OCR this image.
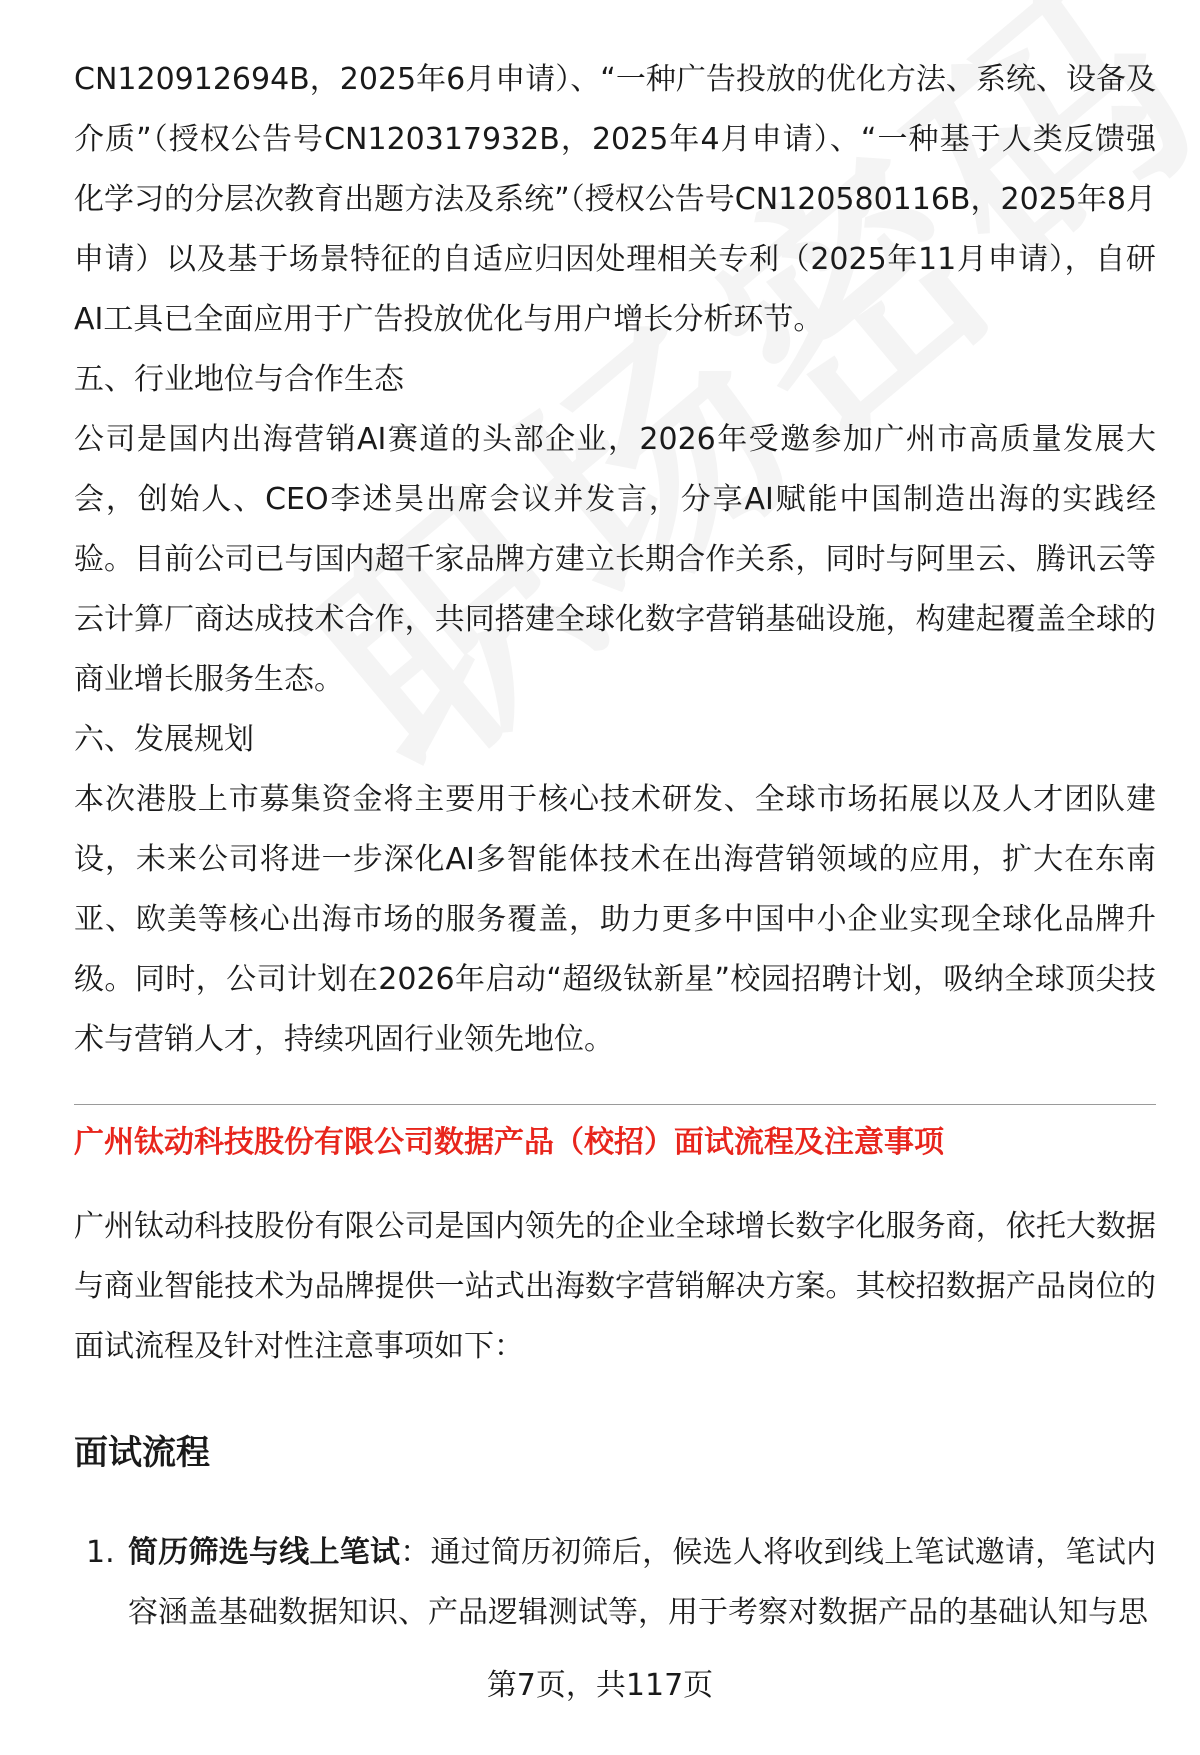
CN120912694B，2025年6月申请）、“一种广告投放的优化方法、系统、设备及介质”（授权公告号CN120317932B，2025年4月申请）、“一种基于人类反馈强化学习的分层次教育出题方法及系统”（授权公告号CN120580116B，2025年8月申请）以及基于场景特征的自适应归因处理相关专利（2025年11月申请），自研AI工具已全面应用于广告投放优化与用户增长分析环节。

五、行业地位与合作生态

公司是国内出海营销AI赛道的头部企业，2026年受邀参加广州市高质量发展大会，创始人、CEO李述昊出席会议并发言，分享AI赋能中国制造出海的实践经验。目前公司已与国内超千家品牌方建立长期合作关系，同时与阿里云、腾讯云等云计算厂商达成技术合作，共同搭建全球化数字营销基础设施，构建起覆盖全球的商业增长服务生态。

六、发展规划

本次港股上市募集资金将主要用于核心技术研发、全球市场拓展以及人才团队建设，未来公司将进一步深化AI多智能体技术在出海营销领域的应用，扩大在东南亚、欧美等核心出海市场的服务覆盖，助力更多中国中小企业实现全球化品牌升级。同时，公司计划在2026年启动“超级钛新星”校园招聘计划，吸纳全球顶尖技术与营销人才，持续巩固行业领先地位。

广州钛动科技股份有限公司数据产品（校招）面试流程及注意事项

广州钛动科技股份有限公司是国内领先的企业全球增长数字化服务商，依托大数据与商业智能技术为品牌提供一站式出海数字营销解决方案。其校招数据产品岗位的面试流程及针对性注意事项如下：

面试流程
1. 简历筛选与线上笔试：通过简历初筛后，候选人将收到线上笔试邀请，笔试内容涵盖基础数据知识、产品逻辑测试等，用于考察对数据产品的基础认知与思
第7页，共117页
